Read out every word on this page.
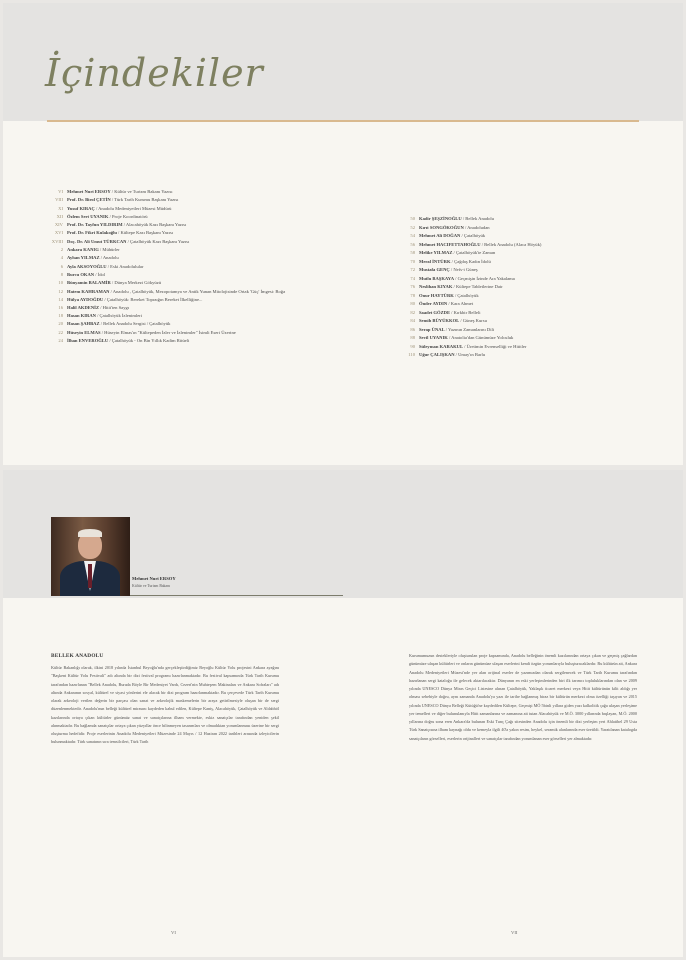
İçindekiler
VI Mehmet Nuri ERSOY / Kültür ve Turizm Bakanı Yazısı
VIII Prof. Dr. Birol ÇETİN / Türk Tarih Kurumu Başkanı Yazısı
XI Yusuf KIRAÇ / Anadolu Medeniyetleri Müzesi Müdürü
XII Özlem Sert UYANIK / Proje Koordinatörü
XIV Prof. Dr. Tayfun YILDIRIM / Alacahöyük Kazı Başkanı Yazısı
XVI Prof. Dr. Fikri Kulakoğlu / Kültepe Kazı Başkanı Yazısı
XVIII Doç. Dr. Ali Umut TÜRKCAN / Çatalhöyük Kazı Başkanı Yazısı
2 Ankara KANIG / Mühürler
4 Ayhan YILMAZ / Anadolu
6 Ayla AKSOYOĞLU / Eski Anadolulular
8 Burcu OKAN / İdol
10 Bünyamin BALAMİR / Dünya Merkezi Gökyüzü
12 Hatem KAHRAMAN / Anadolu , Çatalhöyük, Mezopotamya ve Antik Yunan Mitolojisinde Ortak 'Güç' İmgesi: Boğa
14 Hülya AYDOĞDU / Çatalhöyük: Bereket Topraığın Bereket İlkelliğine...
16 Halil AKDENİZ / Hitit'ten Saygı
18 Hasan KIRAN / Çatalhöyük İzlenimleri
20 Hasan ŞAHBAZ / Bellek Anadolu Sergisi / Çatalhöyük
22 Hüseyin ELMAS / Hüseyin Elmas'ın "Kültepeden İzler ve İzlenimler" İsimli Eseri Üzerine
24 İlhan ENVEROĞLU / Çatalhöyük - On Bin Yıllık Kadim Ritüeli
50 Kadir ŞEŞZİNOĞLU / Bellek Anadolu
52 Kırıt SONGÖKOĞUN / Anadoludan
54 Mehmet Ali DOĞAN / Çatalhöyük
56 Mehmet HACIFETTAHOĞLU / Bellek Anadolu (Alaca Höyük)
58 Melike YILMAZ / Çatalhöyük'te Zaman
70 Meral İNTÜRK / Çağdaş Kadın İdolü
72 Mustafa GENÇ / Nefs-i Güneş
74 Mutlu BAŞKAYA / Geçmişin İzinde Ara Yakalama
76 Neslihan KIYAK / Kültepe Tabletlerine Dair
78 Onur HAYTÜRK / Çatalhöyük
80 Önder AYDIN / Kara Ahmet
82 Saadet GÖZDE / Kırkbir Belleli
84 Semih BÜYÜKKOL / Güneş Kursu
86 Serap ÜNAL / Yazının Zamanlarını Dili
88 Sevil UYANIK / Anatolia'dan Günümüze Yolculuk
90 Süleyman KARAKUL / Üretimin Evrenselliği ve Hititler
110 Uğur ÇALIŞKAN / Umay'ın Barlu
Mehmet Nuri ERSOY
Kültür ve Turizm Bakanı
BELLEK ANADOLU
Kültür Bakanlığı olarak, ilkini 2018 yılında İstanbul Beyoğlu'nda gerçekleştirdiğimiz Beyoğlu Kültür Yolu projesini Ankara ayağını "Başkent Kültür Yolu Festivali" adı altında bir dizi festival programı hazırlanmaktadır. Bu festival kapsamında Türk Tarih Kurumu tarafından hazırlanan "Bellek Anadolu, Burada Böyle Bir Medeniyet Vardı, Cezeri'nin Muhteşem Makinaları ve Ankara Sofraları" adı altında Ankaranın sosyal, kültürel ve siyasi yönlerini ele alacak bir dizi program hazırlanmaktadır. Bu çerçevede Türk Tarih Kurumu olarak arkeoloji verilen değerin bir parçası olan sanat ve arkeolojik maskemelerin bir araya getirilmesiyle oluşan bir de sergi düzenlenmektedir. Anadolu'nun belleği kültürel mirasını kaydeden kabul edilen, Kültepe Kaniş, Alacahöyük, Çatalhöyük ve Aldabhöl kazılarında ortaya çıkan kültürler günümüz sanat ve sanatçılarına ilham vermekte, eskiz sanatçılar tarafından yeniden şekil alınmaktadır. Bu bağlamda sanatçılar ortaya çıkan yüzyıllar önce bilinmeyen tasarımları ve olmadıktan yorumlanması üzerine bir sergi oluşturma hedefidir. Proje eserlerinin Anadolu Medeniyetleri Müzesinde 24 Mayıs / 12 Haziran 2022 tarihleri arasında izleyicilerin bulunmaktadır. Türk sanatının sıra temsilcileri, Türk Tarih
Kurumumuzun destekleriyle oluşturulan proje kapsamında, Anadolu belleğinin önemli kazılarından ortaya çıkan ve geçmiş çağlardan günümüze ulaşan kültürleri ve onların günümüze ulaşan eserlerini kendi özgün yorumlarıyla buluşturacaklardır. Bu kültürün ait, Ankara Anadolu Medeniyetleri Müzesi'nde yer alan orijinal eserler de yazımızdan olarak sergilenecek ve Türk Tarih Kurumu tarafından hazırlanan sergi kataloğu ile gelecek aktarılacaktır. Dünyanın en eski yerleşimlerinden biri ilk tarımcı topluluklarından olan ve 2009 yılında UNESCO Dünya Miras Geçici Listesine alınan Çatalhöyük, Yaklaşık ticaret merkezi veya Hitit kültürünün kilit aldığı yer olması sebebiyle doğru, aynı zamanda Anadolu'ya yazı ile tarihe bağlanmış biraz bir kültürün merkezi olma özelliği taşıyan ve 2015 yılında UNESCO Dünya Belleği Kütüğü'ne kaydedilen Kültepe, Geçmişi MÖ 5binli yıllara giden yazı kalkolitik çağa ulaşan yerleşime yer temelleri ve diğer bulunulanıyla Hitit zamanlarına ve zamanına ait tutan Alacahöyük ve M.Ö. 3000 yıllarında başlayan, M.Ö. 2000 yıllarına doğru sona eren Ankara'da bulunan Eski Tunç Çağı sitesinden Anadolu için önemli bir dizi yerleşim yeri Ahlatibel 29 Usta Türk Sanatçısına ilham kaynağı oldu ve kemeyla ilgili 40'a yakın resim, heykel, seramik alanlarında eser üretildi. Yaratılanan katalogda sanatçıların görselleri, eserlerin orijinalleri ve sanatçılar tarafından yorumlanan eser görselleri yer almaktadır.
VI	VII
